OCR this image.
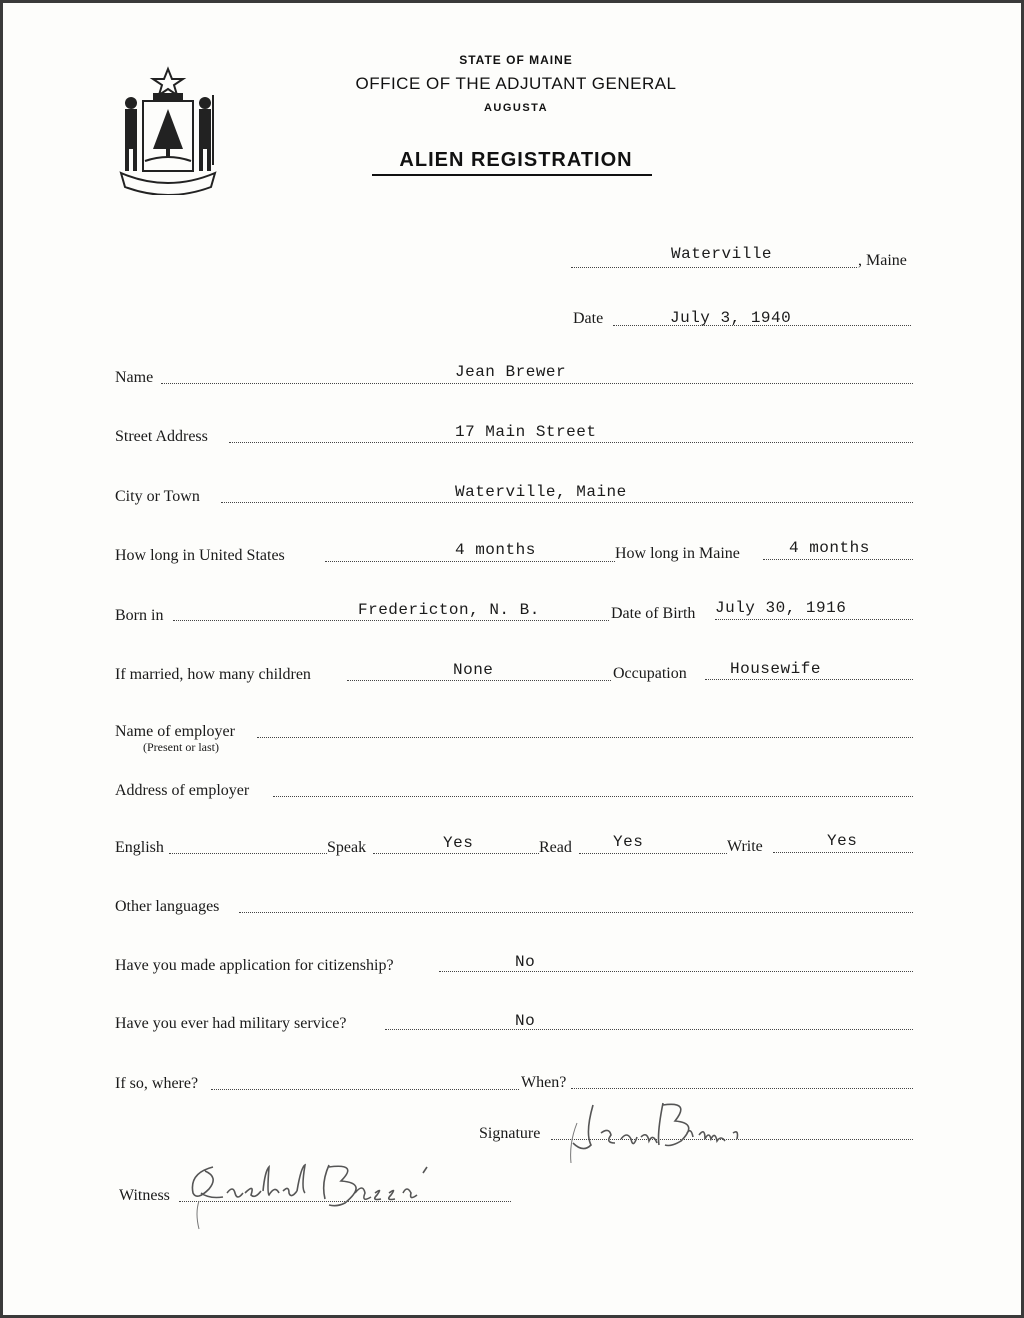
STATE OF MAINE
OFFICE OF THE ADJUTANT GENERAL
AUGUSTA
ALIEN REGISTRATION
Waterville	, Maine
Date	July 3, 1940
Name	Jean Brewer
Street Address	17 Main Street
City or Town	Waterville, Maine
How long in United States	4 months	How long in Maine	4 months
Born in	Fredericton, N. B.	Date of Birth July 30, 1916
If married, how many children	None	Occupation	Housewife
Name of employer
(Present or last)
Address of employer
English	Speak	Yes	Read	Yes	Write	Yes
Other languages
Have you made application for citizenship?	No
Have you ever had military service?	No
If so, where?	When?
Signature
Witness
